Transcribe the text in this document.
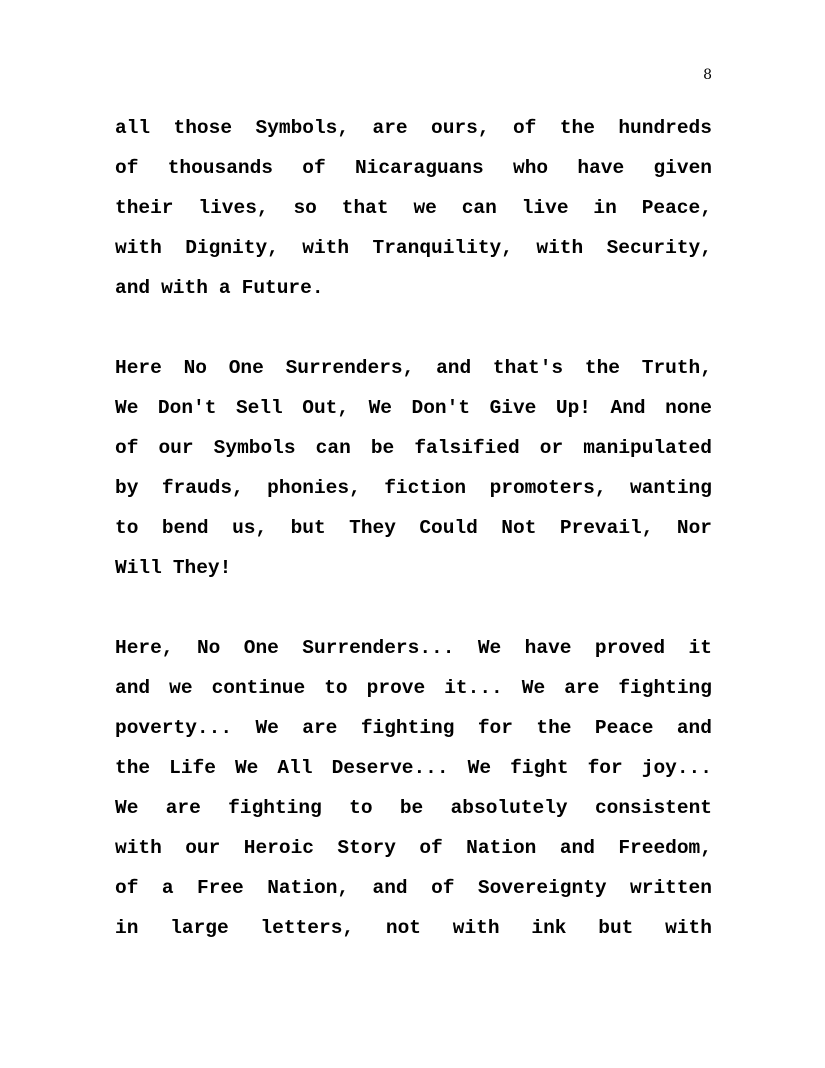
8
all those Symbols, are ours, of the hundreds
of thousands of Nicaraguans who have given
their lives, so that we can live in Peace,
with Dignity, with Tranquility, with Security,
and with a Future.
Here No One Surrenders, and that's the Truth,
We Don't Sell Out, We Don't Give Up! And none
of our Symbols can be falsified or manipulated
by frauds, phonies, fiction promoters, wanting
to bend us, but They Could Not Prevail, Nor
Will They!
Here, No One Surrenders... We have proved it
and we continue to prove it... We are fighting
poverty... We are fighting for the Peace and
the Life We All Deserve... We fight for joy...
We are fighting to be absolutely consistent
with our Heroic Story of Nation and Freedom,
of a Free Nation, and of Sovereignty written
in large letters, not with ink but with
